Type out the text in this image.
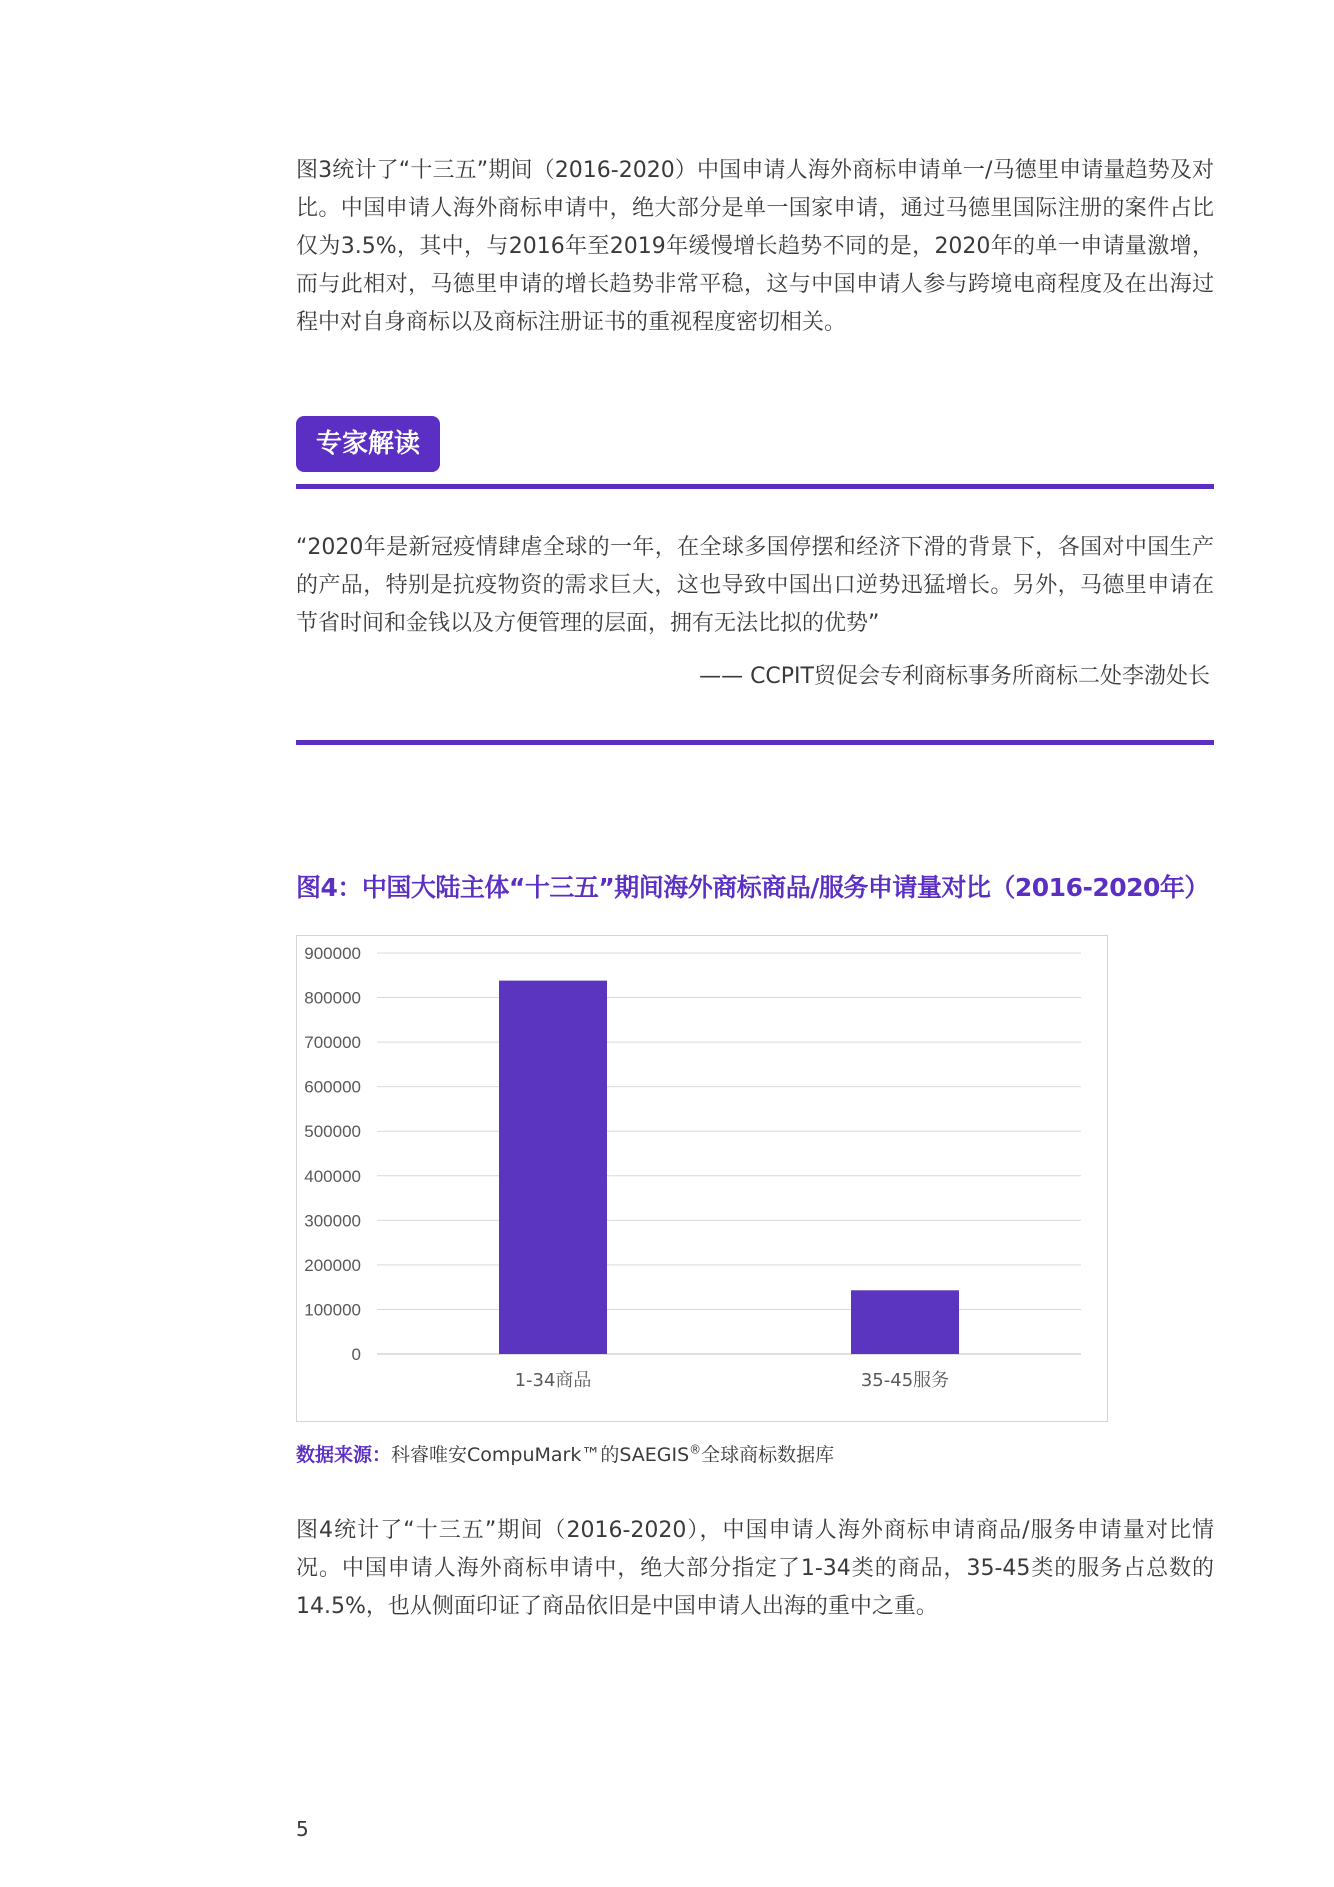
图3统计了“十三五”期间（2016-2020）中国申请人海外商标申请单一/马德里申请量趋势及对比。中国申请人海外商标申请中，绝大部分是单一国家申请，通过马德里国际注册的案件占比仅为3.5%，其中，与2016年至2019年缓慢增长趋势不同的是，2020年的单一申请量激增，而与此相对，马德里申请的增长趋势非常平稳，这与中国申请人参与跨境电商程度及在出海过程中对自身商标以及商标注册证书的重视程度密切相关。

专家解读

“2020年是新冠疫情肆虐全球的一年，在全球多国停摆和经济下滑的背景下，各国对中国生产的产品，特别是抗疫物资的需求巨大，这也导致中国出口逆势迅猛增长。另外，马德里申请在节省时间和金钱以及方便管理的层面，拥有无法比拟的优势”

—— CCPIT贸促会专利商标事务所商标二处李渤处长
图4：中国大陆主体“十三五”期间海外商标商品/服务申请量对比（2016-2020年）
0
100000
200000
300000
400000
500000
600000
700000
800000
900000
1-34商品	35-45服务
数据来源：科睿唯安CompuMark™的SAEGIS®全球商标数据库

图4统计了“十三五”期间（2016-2020），中国申请人海外商标申请商品/服务申请量对比情况。中国申请人海外商标申请中，绝大部分指定了1-34类的商品，35-45类的服务占总数的14.5%，也从侧面印证了商品依旧是中国申请人出海的重中之重。

5
